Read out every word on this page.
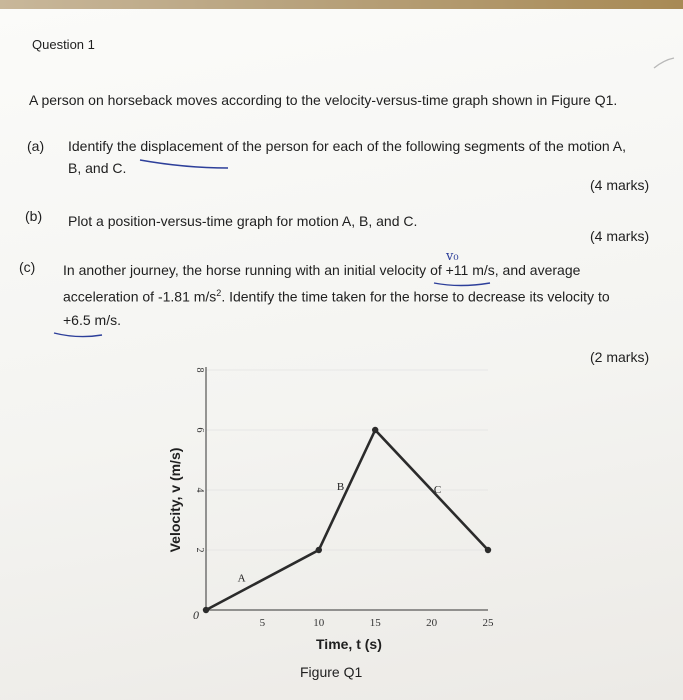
Question 1
A person on horseback moves according to the velocity-versus-time graph shown in Figure Q1.
(a) Identify the displacement of the person for each of the following segments of the motion A,
B, and C.
(4 marks)
(b) Plot a position-versus-time graph for motion A, B, and C.
(4 marks)
(c) In another journey, the horse running with an initial velocity of +11 m/s, and average
acceleration of -1.81 $m/s^2$. Identify the time taken for the horse to decrease its velocity to
+6.5 m/s.
(2 marks)
v₀
0
5	10	15	20	25
2
4
6
8
A
B	C
Velocity, v (m/s)
Time, t (s)
Figure Q1
